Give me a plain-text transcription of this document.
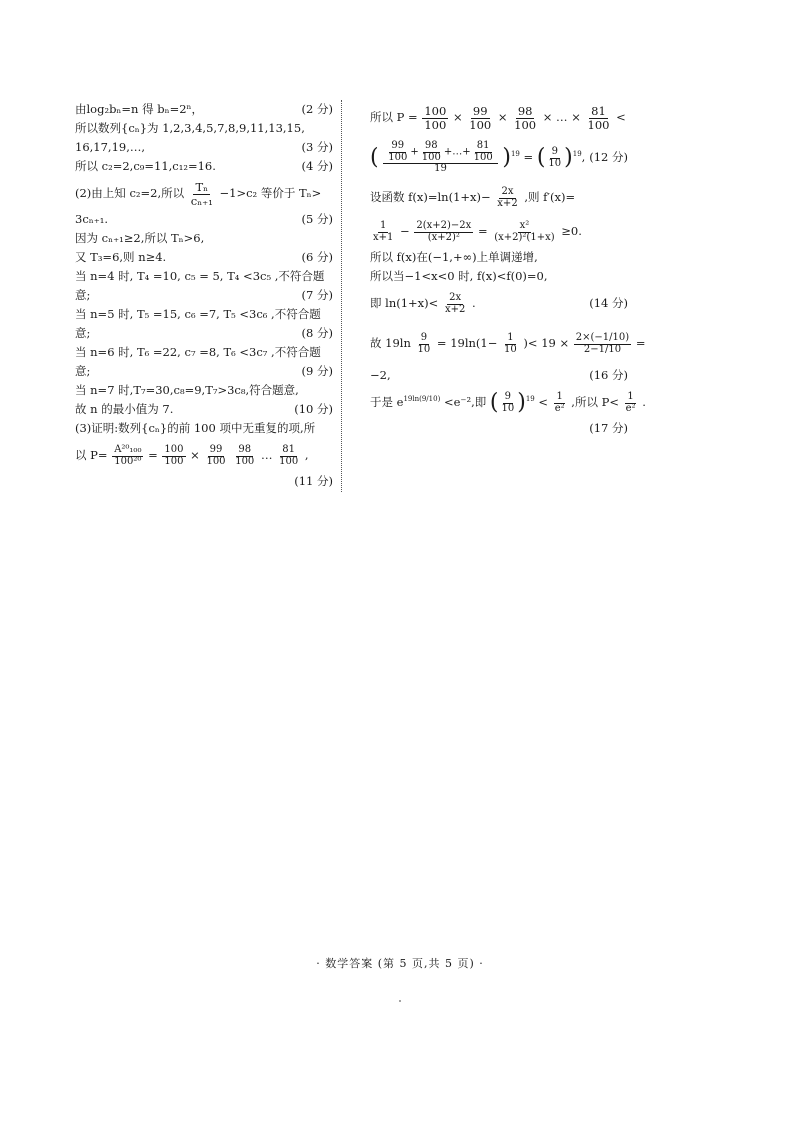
由log₂bₙ=n 得 bₙ=2ⁿ，	(2 分)
所以数列{cₙ}为 1,2,3,4,5,7,8,9,11,13,15,
16,17,19,…,	(3 分)
所以 c₂=2,c₉=11,c₁₂=16.	(4 分)
(2)由上知 c₂=2,所以 $\frac{\text{Tₙ}}{\text{cₙ₊₁}} -1>c_2$ 等价于 Tₙ>
3cₙ₊₁.	(5 分)
因为 cₙ₊₁≥2,所以 Tₙ>6,
又 T₃=6,则 n≥4.	(6 分)
当 n=4 时, T₄ =10, c₅ = 5, T₄ <3c₅ ,不符合题
意;	(7 分)
当 n=5 时, T₅ =15, c₆ =7, T₅ <3c₆ ,不符合题
意;	(8 分)
当 n=6 时, T₆ =22, c₇ =8, T₆ <3c₇ ,不符合题
意;	(9 分)
当 n=7 时,T₇=30,c₈=9,T₇>3c₈,符合题意,
故 n 的最小值为 7.	(10 分)
(3)证明:数列{cₙ}的前 100 项中无重复的项,所
以 $P= \frac{\text{A²⁰₁₀₀}}{\text{100²⁰}} = \frac{100}{100} \times \frac{99}{100}$
$\frac{98}{100}$ … $\frac{81}{100}$ ,
(11 分)
所以 $P = \frac{100}{100} \times \frac{99}{100} \times \frac{98}{100}$ × … × $\frac{81}{100}$ <
( $\frac{99}{100} + \frac{98}{100}$ +…+ $\frac{81}{100}$
19	)$^{19}$ = ( $\frac{9}{10} )^{19}$, (12 分)
设函数 $f(x)=\ln(1+x)- \frac{2x}{x+2}$ ,则 f′(x)=
$\frac{1}{x+1} - \frac{2(x+2)-2x}{\text{(x+2)²}} = \frac{\text{x²}}{\text{(x+2)²(1+x)}} \ge 0$.
所以 f(x)在(−1,+∞)上单调递增,
所以当−1<x<0 时, f(x)<f(0)=0,
即 $\ln(1+x)< \frac{2x}{x+2}$ .	(14 分)
故 $19\ln \frac{9}{10} = 19\ln(1- \frac{1}{10}$ )< $19 \times \frac{2\times(-1/10)}{2-1/10}$ =
−2,	(16 分)
于是 $e^{19ln(9/10)} <e^{-2}$,即 ( $\frac{9}{10} )^{19} < \frac{1}{\text{e²}}$ ,所以 $P< \frac{1}{\text{e²}}$ .
(17 分)
· 数学答案 (第 5 页,共 5 页) ·
